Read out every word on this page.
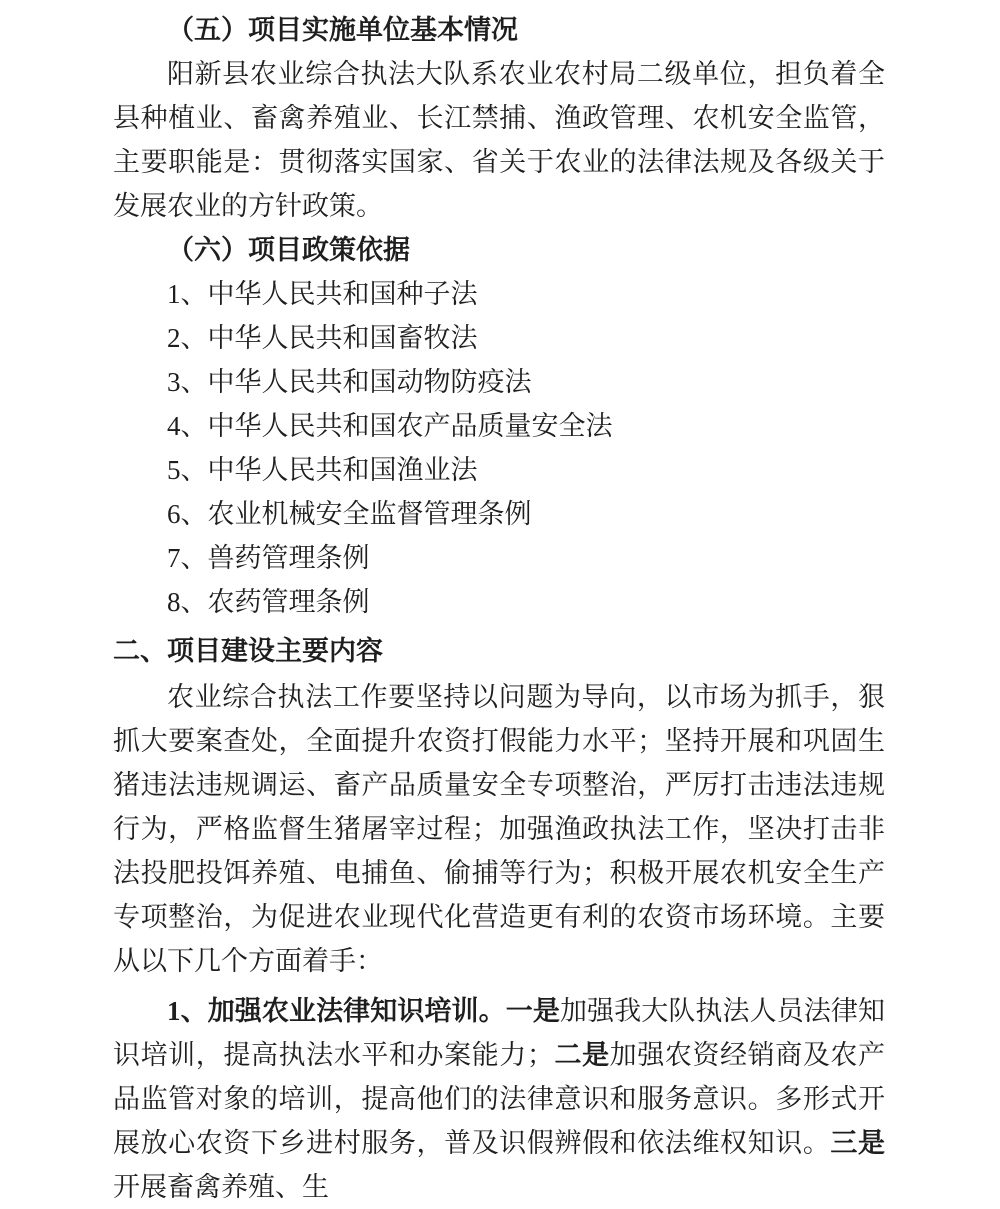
（五）项目实施单位基本情况

阳新县农业综合执法大队系农业农村局二级单位，担负着全县种植业、畜禽养殖业、长江禁捕、渔政管理、农机安全监管，主要职能是：贯彻落实国家、省关于农业的法律法规及各级关于发展农业的方针政策。

（六）项目政策依据

1、中华人民共和国种子法

2、中华人民共和国畜牧法

3、中华人民共和国动物防疫法

4、中华人民共和国农产品质量安全法

5、中华人民共和国渔业法

6、农业机械安全监督管理条例

7、兽药管理条例

8、农药管理条例

二、项目建设主要内容

农业综合执法工作要坚持以问题为导向，以市场为抓手，狠抓大要案查处，全面提升农资打假能力水平；坚持开展和巩固生猪违法违规调运、畜产品质量安全专项整治，严厉打击违法违规行为，严格监督生猪屠宰过程；加强渔政执法工作，坚决打击非法投肥投饵养殖、电捕鱼、偷捕等行为；积极开展农机安全生产专项整治，为促进农业现代化营造更有利的农资市场环境。主要从以下几个方面着手：

1、加强农业法律知识培训。一是加强我大队执法人员法律知识培训，提高执法水平和办案能力；二是加强农资经销商及农产品监管对象的培训，提高他们的法律意识和服务意识。多形式开展放心农资下乡进村服务，普及识假辨假和依法维权知识。三是开展畜禽养殖、生
